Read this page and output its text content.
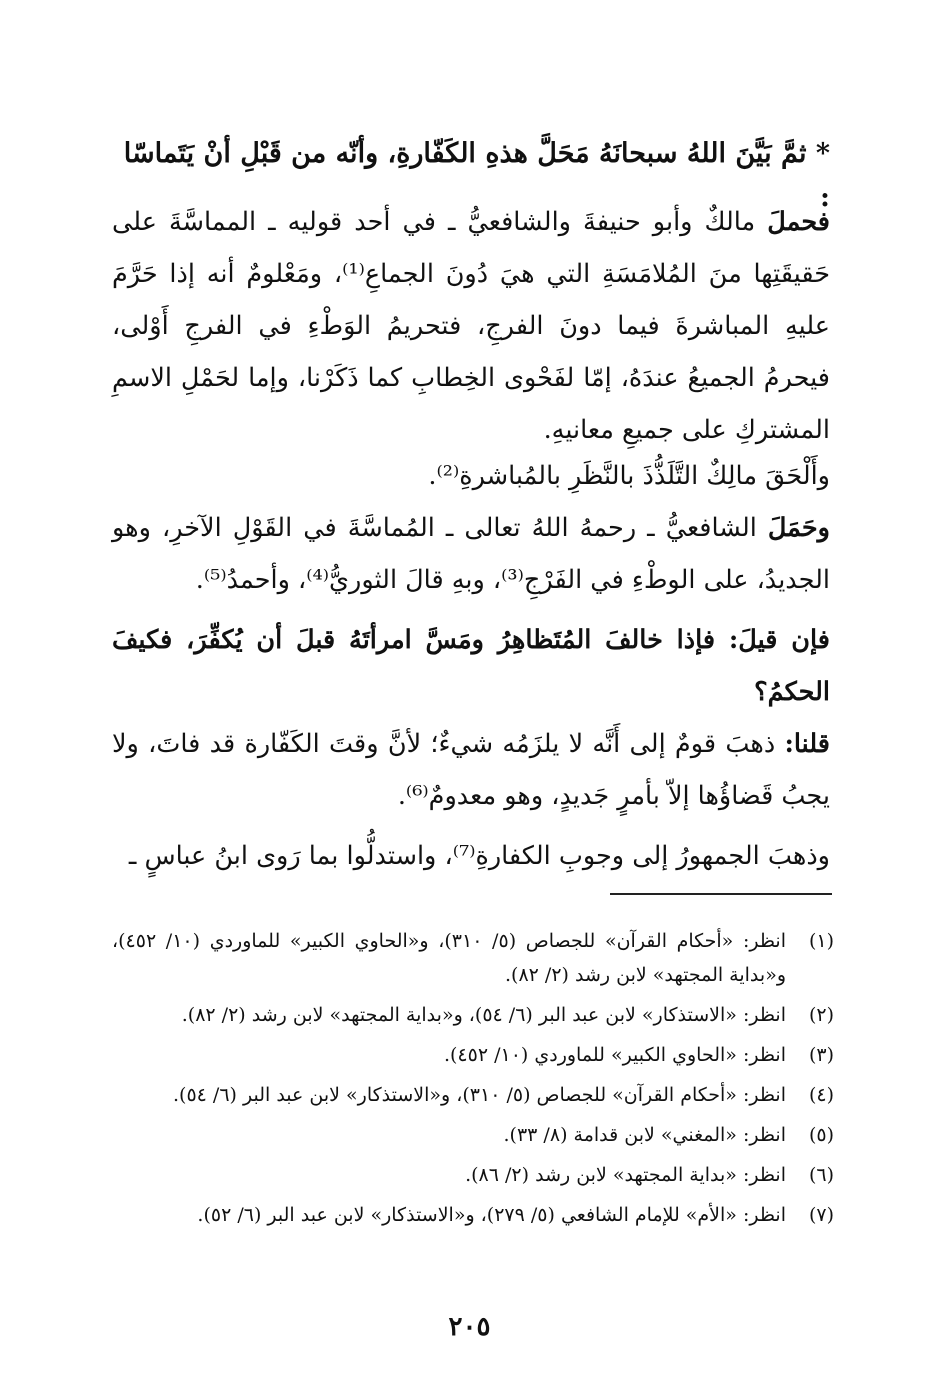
* ثمَّ بَيَّنَ اللهُ سبحانَهُ مَحَلَّ هذهِ الكَفّارةِ، وأنّه من قَبْلِ أنْ يَتَماسّا :

فحملَ مالكٌ وأبو حنيفةَ والشافعيُّ ـ في أحد قوليه ـ المماسَّةَ على حَقيقَتِها منَ المُلامَسَةِ التي هيَ دُونَ الجماعِ⁽¹⁾، ومَعْلومٌ أنه إذا حَرَّمَ عليهِ المباشرةَ فيما دونَ الفرجِ، فتحريمُ الوَطْءِ في الفرجِ أَوْلى، فيحرمُ الجميعُ عندَهُ، إمّا لفَحْوى الخِطابِ كما ذَكَرْنا، وإما لحَمْلِ الاسمِ المشتركِ على جميعِ معانيهِ.

وأَلْحَقَ مالِكٌ التَّلَذُّذَ بالنَّظَرِ بالمُباشرةِ⁽²⁾.

وحَمَلَ الشافعيُّ ـ رحمهُ اللهُ تعالى ـ المُماسَّةَ في القَوْلِ الآخرِ، وهو الجديدُ، على الوطْءِ في الفَرْجِ⁽³⁾، وبهِ قالَ الثوريُّ⁽⁴⁾، وأحمدُ⁽⁵⁾.

فإن قيلَ: فإذا خالفَ المُتَظاهِرُ ومَسَّ امرأتَهُ قبلَ أن يُكفِّرَ، فكيفَ الحكمُ؟

قلنا: ذهبَ قومٌ إلى أَنَّه لا يلزَمُه شيءٌ؛ لأنَّ وقتَ الكَفّارة قد فاتَ، ولا يجبُ قَضاؤُها إلاّ بأمرٍ جَديدٍ، وهو معدومٌ⁽⁶⁾.

وذهبَ الجمهورُ إلى وجوبِ الكفارةِ⁽⁷⁾، واستدلُّوا بما رَوى ابنُ عباسٍ ـ

(١)
انظر: «أحكام القرآن» للجصاص (٥/ ٣١٠)، و«الحاوي الكبير» للماوردي (١٠/ ٤٥٢)، و«بداية المجتهد» لابن رشد (٢/ ٨٢).
(٢)
انظر: «الاستذكار» لابن عبد البر (٦/ ٥٤)، و«بداية المجتهد» لابن رشد (٢/ ٨٢).
(٣)
انظر: «الحاوي الكبير» للماوردي (١٠/ ٤٥٢).
(٤)
انظر: «أحكام القرآن» للجصاص (٥/ ٣١٠)، و«الاستذكار» لابن عبد البر (٦/ ٥٤).
(٥)
انظر: «المغني» لابن قدامة (٨/ ٣٣).
(٦)
انظر: «بداية المجتهد» لابن رشد (٢/ ٨٦).
(٧)
انظر: «الأم» للإمام الشافعي (٥/ ٢٧٩)، و«الاستذكار» لابن عبد البر (٦/ ٥٢).
٢٠٥
